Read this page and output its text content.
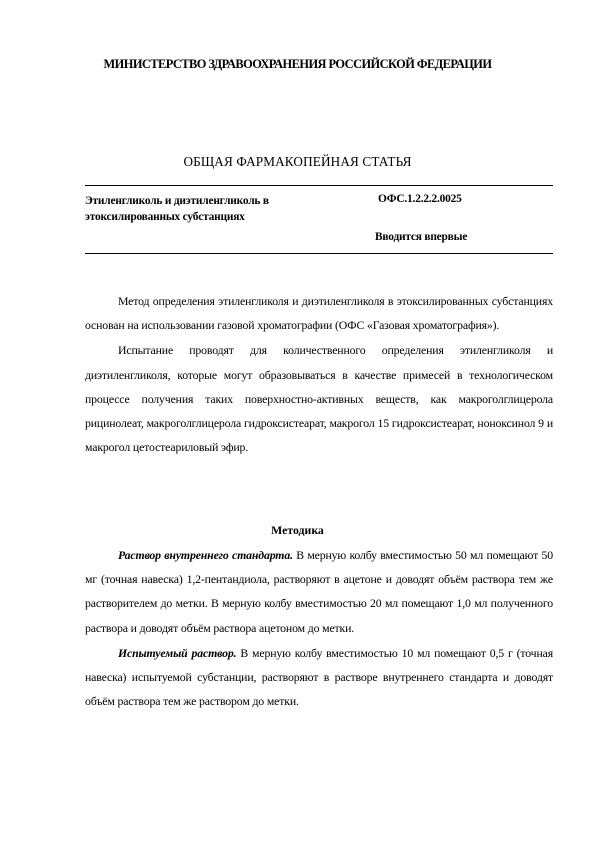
МИНИСТЕРСТВО ЗДРАВООХРАНЕНИЯ РОССИЙСКОЙ ФЕДЕРАЦИИ
ОБЩАЯ ФАРМАКОПЕЙНАЯ СТАТЬЯ
Этиленгликоль и диэтиленгликоль в
этоксилированных субстанциях
ОФС.1.2.2.2.0025
Вводится впервые

Метод определения этиленгликоля и диэтиленгликоля в этоксилированных субстанциях основан на использовании газовой хроматографии (ОФС «Газовая хроматография»).

Испытание проводят для количественного определения этиленгликоля и диэтиленгликоля, которые могут образовываться в качестве примесей в технологическом процессе получения таких поверхностно-активных веществ, как макроголглицерола рицинолеат, макроголглицерола гидроксистеарат, макрогол 15 гидроксистеарат, ноноксинол 9 и макрогол цетостеариловый эфир.

Методика

Раствор внутреннего стандарта. В мерную колбу вместимостью 50 мл помещают 50 мг (точная навеска) 1,2-пентандиола, растворяют в ацетоне и доводят объём раствора тем же растворителем до метки. В мерную колбу вместимостью 20 мл помещают 1,0 мл полученного раствора и доводят объём раствора ацетоном до метки.

Испытуемый раствор. В мерную колбу вместимостью 10 мл помещают 0,5 г (точная навеска) испытуемой субстанции, растворяют в растворе внутреннего стандарта и доводят объём раствора тем же раствором до метки.
